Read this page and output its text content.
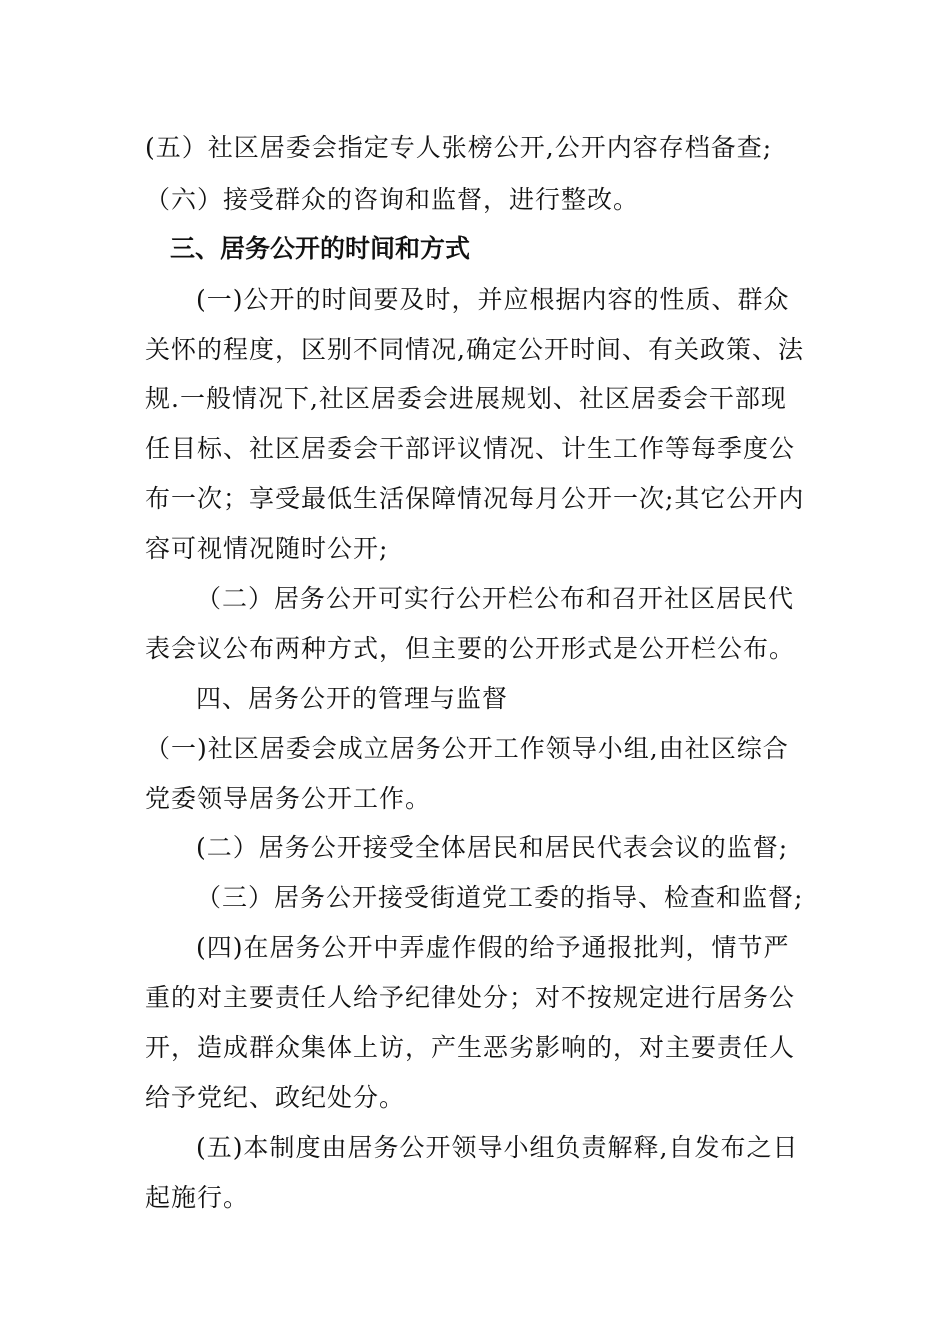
(五）社区居委会指定专人张榜公开,公开内容存档备查;
（六）接受群众的咨询和监督，进行整改。
三、居务公开的时间和方式
(一)公开的时间要及时，并应根据内容的性质、群众
关怀的程度，区别不同情况,确定公开时间、有关政策、法
规.一般情况下,社区居委会进展规划、社区居委会干部现
任目标、社区居委会干部评议情况、计生工作等每季度公
布一次；享受最低生活保障情况每月公开一次;其它公开内
容可视情况随时公开;
（二）居务公开可实行公开栏公布和召开社区居民代
表会议公布两种方式，但主要的公开形式是公开栏公布。
四、居务公开的管理与监督
（一)社区居委会成立居务公开工作领导小组,由社区综合
党委领导居务公开工作。
(二）居务公开接受全体居民和居民代表会议的监督;
（三）居务公开接受街道党工委的指导、检查和监督;
(四)在居务公开中弄虚作假的给予通报批判，情节严
重的对主要责任人给予纪律处分；对不按规定进行居务公
开，造成群众集体上访，产生恶劣影响的，对主要责任人
给予党纪、政纪处分。
(五)本制度由居务公开领导小组负责解释,自发布之日
起施行。
